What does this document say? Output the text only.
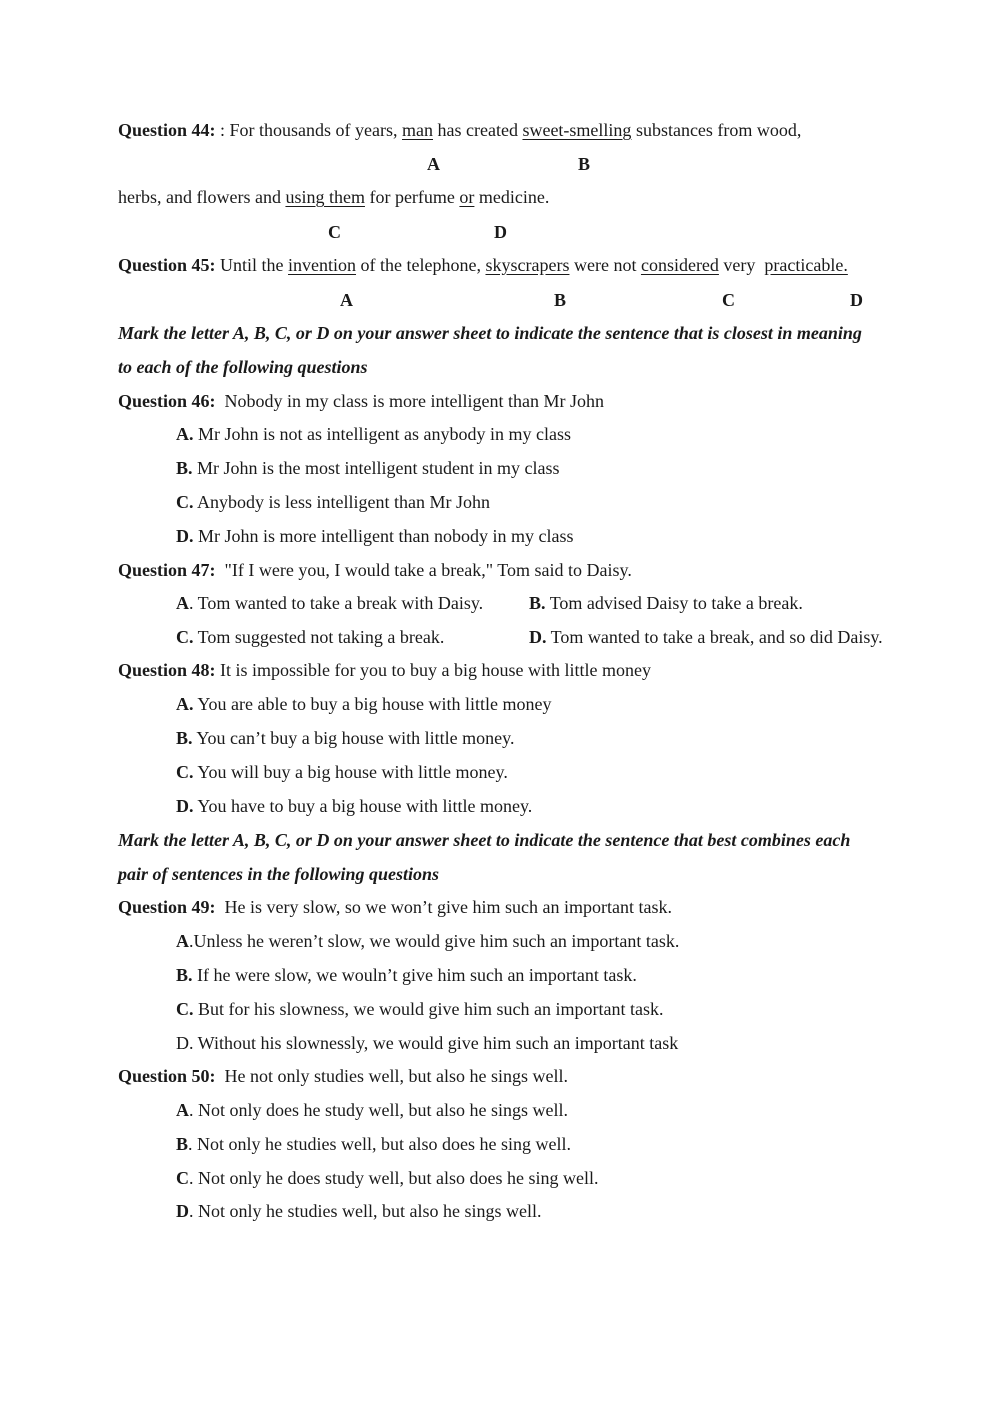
Question 44: : For thousands of years, man has created sweet-smelling substances from wood,
A	B
herbs, and flowers and using them for perfume or medicine.
C	D
Question 45: Until the invention of the telephone, skyscrapers were not considered very  practicable.
A	B	C	D
Mark the letter A, B, C, or D on your answer sheet to indicate the sentence that is closest in meaning
to each of the following questions
Question 46:  Nobody in my class is more intelligent than Mr John
A. Mr John is not as intelligent as anybody in my class
B. Mr John is the most intelligent student in my class
C. Anybody is less intelligent than Mr John
D. Mr John is more intelligent than nobody in my class
Question 47:  "If I were you, I would take a break," Tom said to Daisy.
A. Tom wanted to take a break with Daisy.	B. Tom advised Daisy to take a break.
C. Tom suggested not taking a break.	D. Tom wanted to take a break, and so did Daisy.
Question 48: It is impossible for you to buy a big house with little money
A. You are able to buy a big house with little money
B. You can’t buy a big house with little money.
C. You will buy a big house with little money.
D. You have to buy a big house with little money.
Mark the letter A, B, C, or D on your answer sheet to indicate the sentence that best combines each
pair of sentences in the following questions
Question 49:  He is very slow, so we won’t give him such an important task.
A.Unless he weren’t slow, we would give him such an important task.
B. If he were slow, we wouln’t give him such an important task.
C. But for his slowness, we would give him such an important task.
D. Without his slownessly, we would give him such an important task
Question 50:  He not only studies well, but also he sings well.
A. Not only does he study well, but also he sings well.
B. Not only he studies well, but also does he sing well.
C. Not only he does study well, but also does he sing well.
D. Not only he studies well, but also he sings well.
